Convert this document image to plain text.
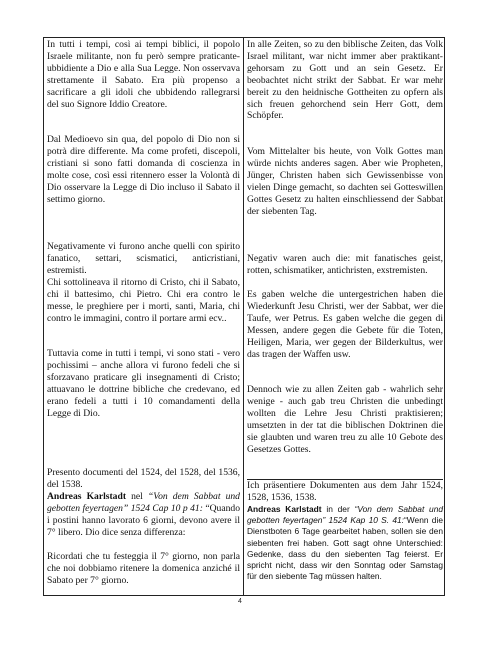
In tutti i tempi, così ai tempi biblici, il popolo Israele militante, non fu però sempre praticante-ubbidiente a Dio e alla Sua Legge. Non osservava strettamente il Sabato. Era più propenso a sacrificare a gli idoli che ubbidendo rallegrarsi del suo Signore Iddio Creatore.

Dal Medioevo sin qua, del popolo di Dio non si potrà dire differente. Ma come profeti, discepoli, cristiani si sono fatti domanda di coscienza in molte cose, così essi ritennero esser la Volontà di Dio osservare la Legge di Dio incluso il Sabato il settimo giorno.

Negativamente vi furono anche quelli con spirito fanatico, settari, scismatici, anticristiani, estremisti.

Chi sottolineava il ritorno di Cristo, chi il Sabato, chi il battesimo, chi Pietro. Chi era contro le messe, le preghiere per i morti, santi, Maria, chi contro le immagini, contro il portare armi ecv..

Tuttavia come in tutti i tempi, vi sono stati - vero pochissimi – anche allora vi furono fedeli che si sforzavano praticare gli insegnamenti di Cristo; attuavano le dottrine bibliche che credevano, ed erano fedeli a tutti i 10 comandamenti della Legge di Dio.

Presento documenti del 1524, del 1528, del 1536, del 1538.

Andreas Karlstadt nel “Von dem Sabbat und gebotten feyertagen” 1524 Cap 10 p 41: “Quando i postini hanno lavorato 6 giorni, devono avere il 7° libero. Dio dice senza differenza:

Ricordati che tu festeggia il 7° giorno, non parla che noi dobbiamo ritenere la domenica anziché il Sabato per 7° giorno.

In alle Zeiten, so zu den biblische Zeiten, das Volk Israel militant, war nicht immer aber praktikant- gehorsam zu Gott und an sein Gesetz. Er beobachtet nicht strikt der Sabbat. Er war mehr bereit zu den heidnische Gottheiten zu opfern als sich freuen gehorchend sein Herr Gott, dem Schöpfer.

Vom Mittelalter bis heute, von Volk Gottes man würde nichts anderes sagen. Aber wie Propheten, Jünger, Christen haben sich Gewissenbisse von vielen Dinge gemacht, so dachten sei Gotteswillen Gottes Gesetz zu halten einschliessend der Sabbat der siebenten Tag.

Negativ waren auch die: mit fanatisches geist, rotten, schismatiker, antichristen, exstremisten.

Es gaben welche die untergestrichen haben die Wiederkunft Jesu Christi, wer der Sabbat, wer die Taufe, wer Petrus. Es gaben welche die gegen di Messen, andere gegen die Gebete für die Toten, Heiligen, Maria, wer gegen der Bilderkultus, wer das tragen der Waffen usw.

Dennoch wie zu allen Zeiten gab - wahrlich sehr wenige - auch gab treu Christen die unbedingt wollten die Lehre Jesu Christi praktisieren; umsetzten in der tat die biblischen Doktrinen die sie glaubten und waren treu zu alle 10 Gebote des Gesetzes Gottes.

Ich präsentiere Dokumenten aus dem Jahr 1524, 1528, 1536, 1538.

Andreas Karlstadt in der “Von dem Sabbat und gebotten feyertagen” 1524 Kap 10 S. 41:“Wenn die Dienstboten 6 Tage gearbeitet haben, sollen sie den siebenten frei haben. Gott sagt ohne Unterschied: Gedenke, dass du den siebenten Tag feierst. Er spricht nicht, dass wir den Sonntag oder Samstag für den siebente Tag müssen halten.

4
